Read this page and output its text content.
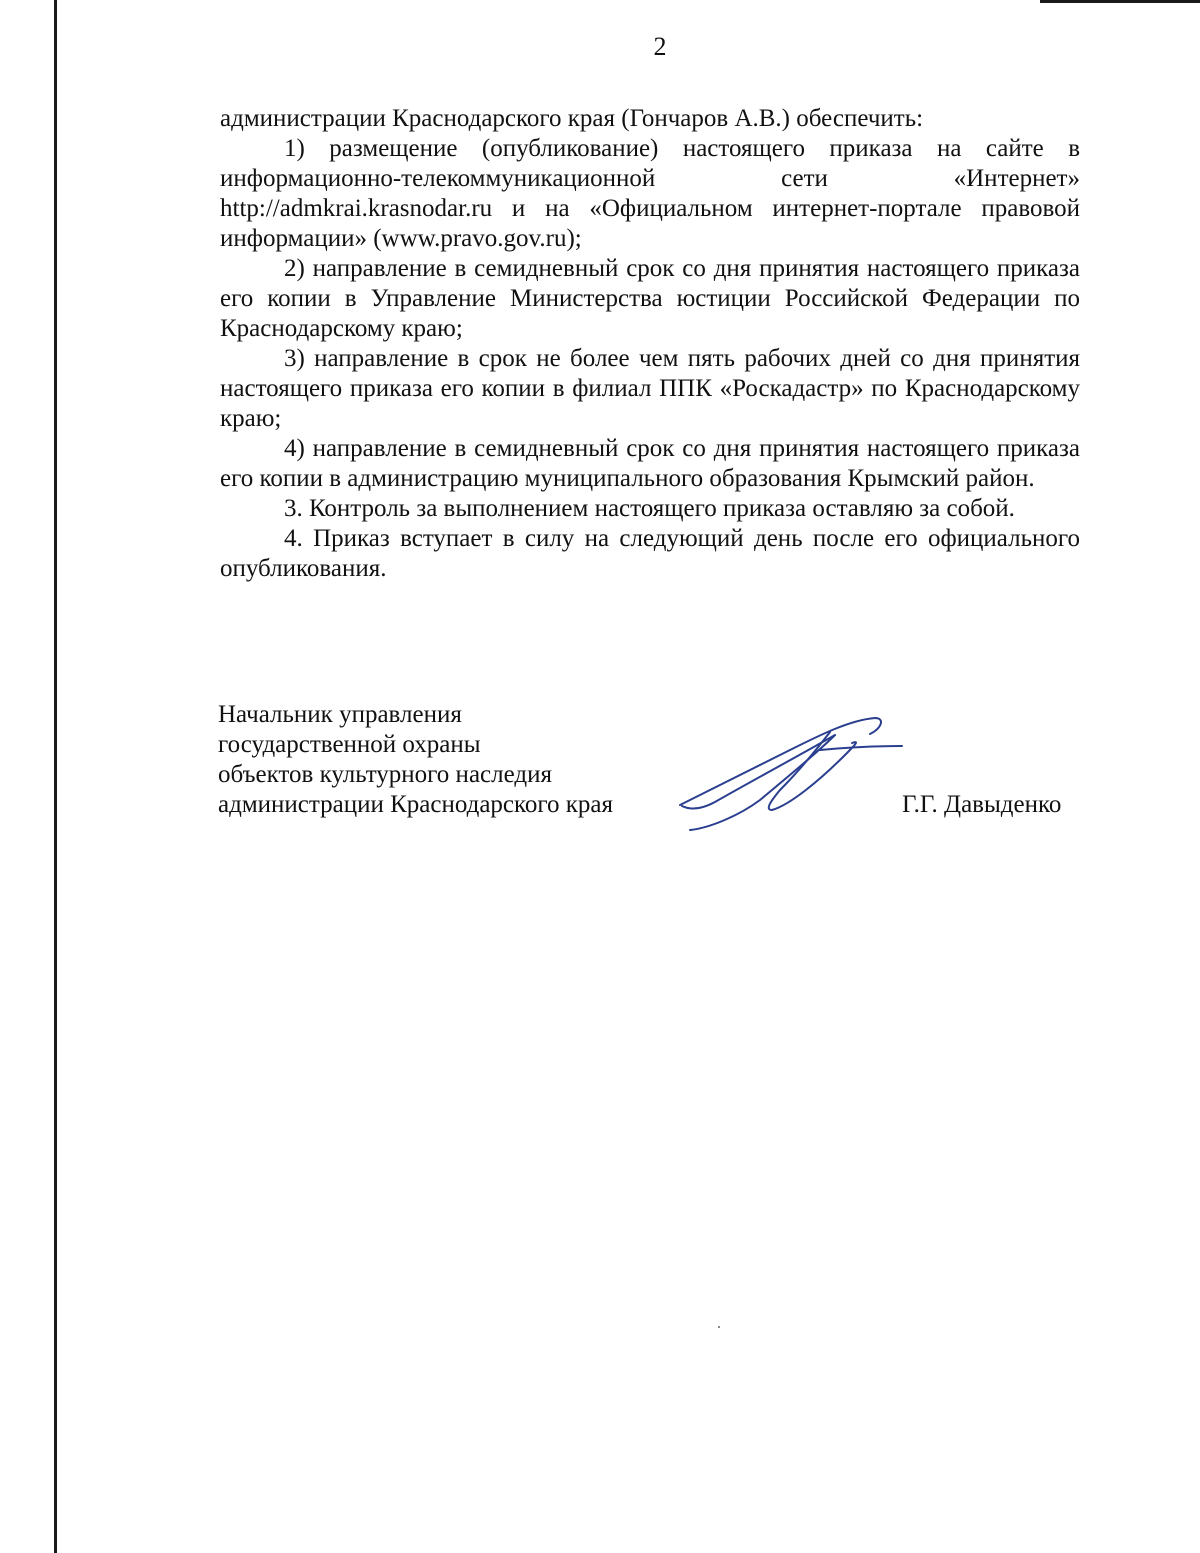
2

администрации Краснодарского края (Гончаров А.В.) обеспечить:

1) размещение (опубликование) настоящего приказа на сайте в информационно-телекоммуникационной сети «Интернет» http://admkrai.krasnodar.ru и на «Официальном интернет-портале правовой информации» (www.pravo.gov.ru);

2) направление в семидневный срок со дня принятия настоящего приказа его копии в Управление Министерства юстиции Российской Федерации по Краснодарскому краю;

3) направление в срок не более чем пять рабочих дней со дня принятия настоящего приказа его копии в филиал ППК «Роскадастр» по Краснодарскому краю;

4) направление в семидневный срок со дня принятия настоящего приказа его копии в администрацию муниципального образования Крымский район.

3. Контроль за выполнением настоящего приказа оставляю за собой.

4. Приказ вступает в силу на следующий день после его официального опубликования.

Начальник управления
государственной охраны
объектов культурного наследия
администрации Краснодарского края	Г.Г. Давыденко
